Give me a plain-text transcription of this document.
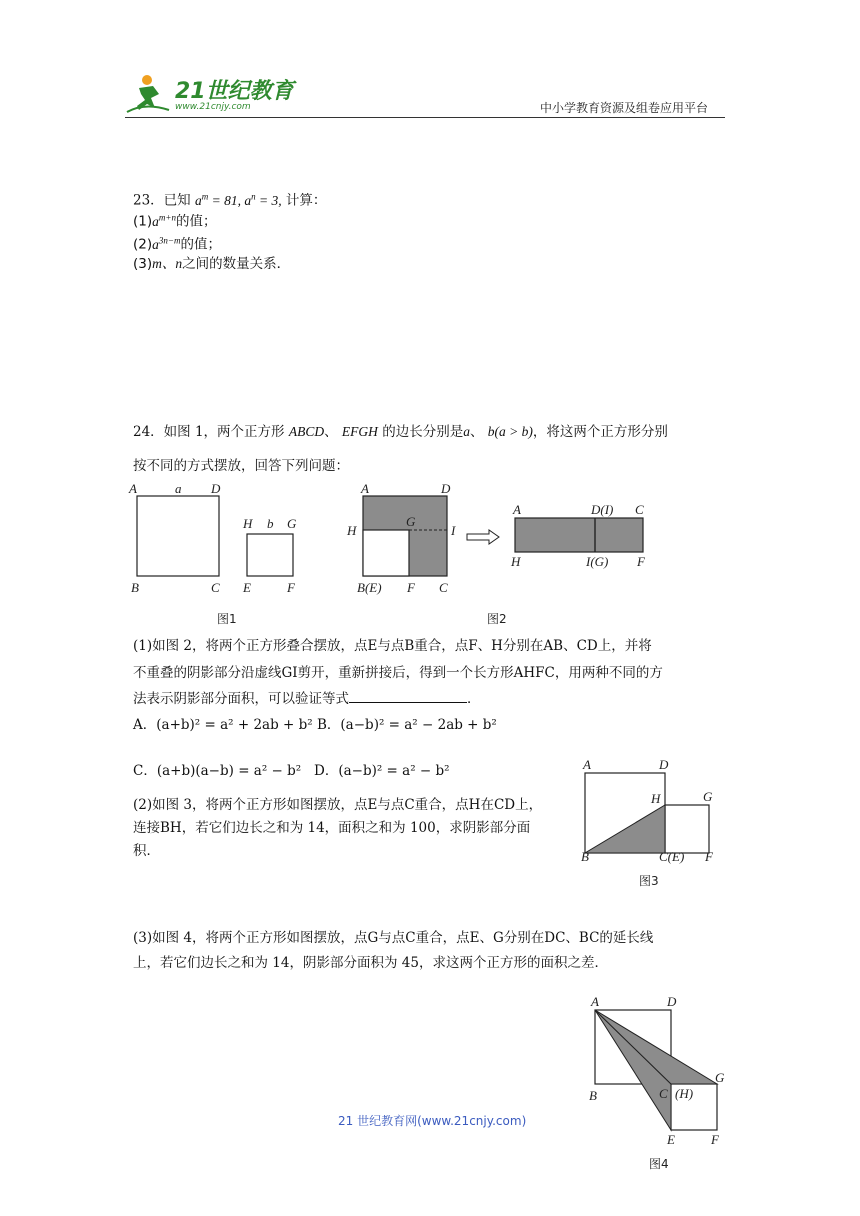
21世纪教育
www.21cnjy.com	中小学教育资源及组卷应用平台
23．已知 $a^m = 81$, $a^n = 3$, 计算：
$(1)a^{m+n}$的值；
$(2)a^{3n-m}$的值；
(3)m、n之间的数量关系．
24．如图 1，两个正方形 ABCD、 EFGH 的边长分别是a、 b(a > b)，将这两个正方形分别
按不同的方式摆放，回答下列问题：
A	a D
B	C
H b G
E	F
图1
A	D
H
G
I
B(E) F C
A	D(I) C
H	I(G) F
图2
(1)如图 2，将两个正方形叠合摆放，点E与点B重合，点F、H分别在AB、CD上，并将
不重叠的阴影部分沿虚线GI剪开，重新拼接后，得到一个长方形AHFC，用两种不同的方
法表示阴影部分面积，可以验证等式	．
A．(a+b)² = a² + 2ab + b² B．(a−b)² = a² − 2ab + b²
C．(a+b)(a−b) = a² − b² D．(a−b)² = a² − b²
(2)如图 3，将两个正方形如图摆放，点E与点C重合，点H在CD上，
连接BH，若它们边长之和为 14，面积之和为 100，求阴影部分面
积．
A	D
H	G
B	C(E) F
图3
(3)如图 4，将两个正方形如图摆放，点G与点C重合，点E、G分别在DC、BC的延长线
上，若它们边长之和为 14，阴影部分面积为 45，求这两个正方形的面积之差．
A	D
B	C (H)
G
E	F
图4
21 世纪教育网(www.21cnjy.com)
